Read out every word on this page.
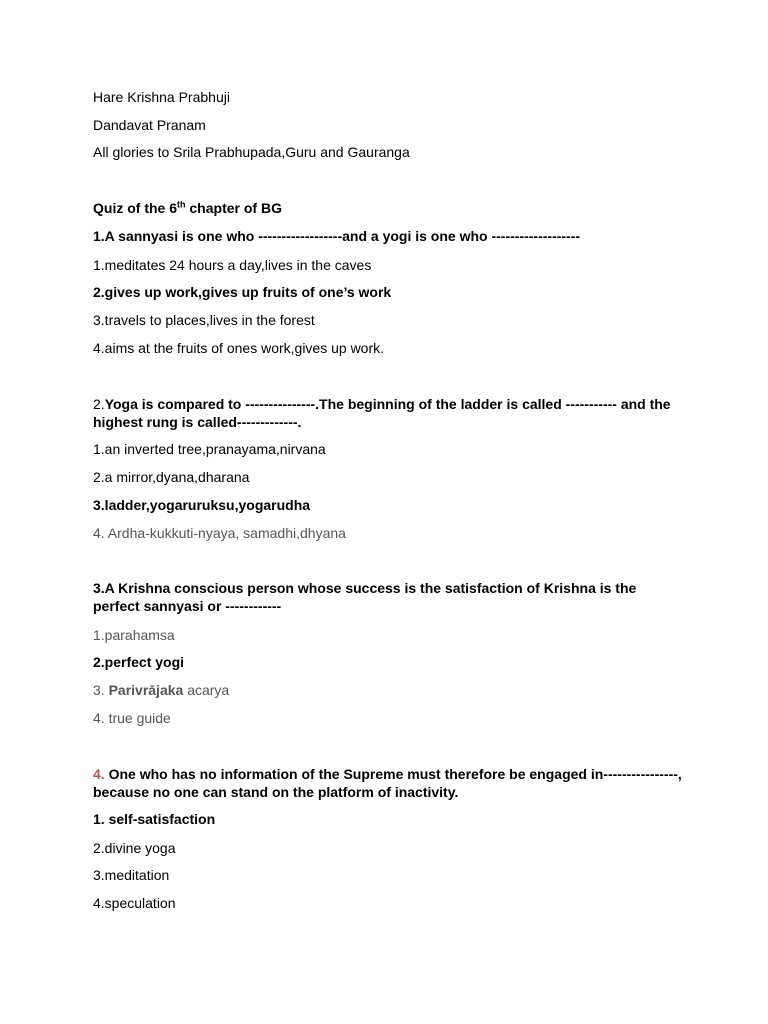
Hare Krishna Prabhuji
Dandavat Pranam
All glories to Srila Prabhupada,Guru and Gauranga
Quiz of the 6th chapter of BG
1.A sannyasi is one who ------------------and a yogi is one who -------------------
1.meditates 24 hours a day,lives in the caves
2.gives up work,gives up fruits of one’s work
3.travels to places,lives in the forest
4.aims at the fruits of ones work,gives up work.
2.Yoga is compared to ---------------.The beginning of the ladder is called ----------- and the highest rung is called-------------.
1.an inverted tree,pranayama,nirvana
2.a mirror,dyana,dharana
3.ladder,yogaruruksu,yogarudha
4. Ardha-kukkuti-nyaya, samadhi,dhyana
3.A Krishna conscious person whose success is the satisfaction of Krishna is the perfect sannyasi or ------------
1.parahamsa
2.perfect yogi
3. Parivrājaka acarya
4. true guide
4. One who has no information of the Supreme must therefore be engaged in----------------, because no one can stand on the platform of inactivity.
1. self-satisfaction
2.divine yoga
3.meditation
4.speculation
